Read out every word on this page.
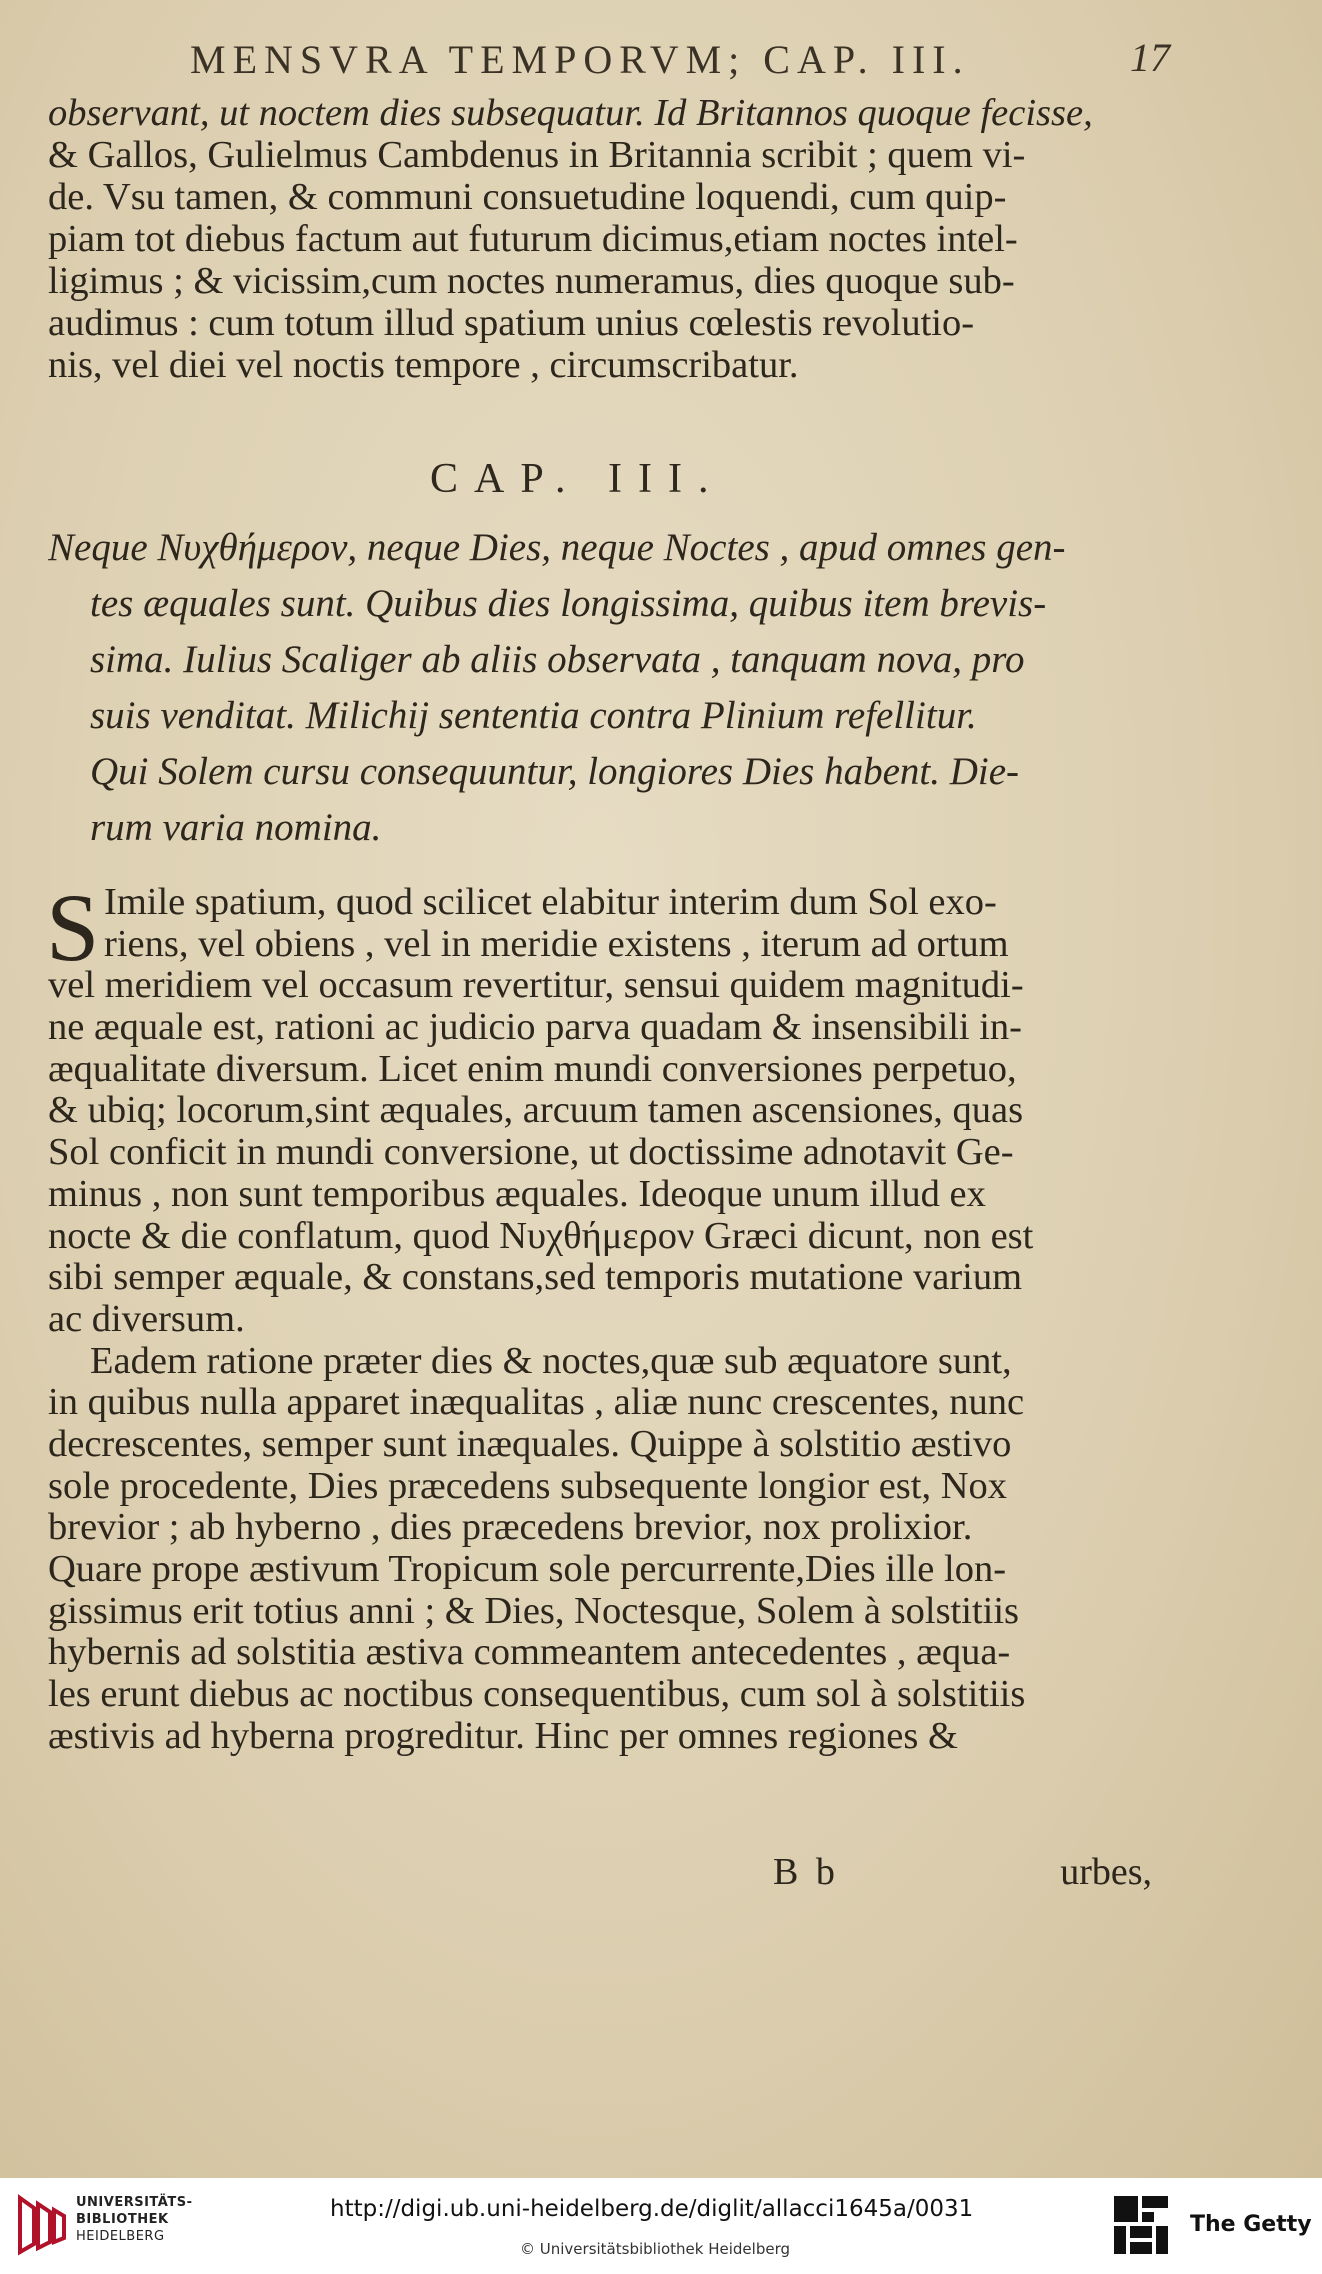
MENSVRA TEMPORVM; CAP. III.	17
observant, ut noctem dies subsequatur. Id Britannos quoque fecisse,
& Gallos, Gulielmus Cambdenus in Britannia scribit ; quem vi-
de. Vsu tamen, & communi consuetudine loquendi, cum quip-
piam tot diebus factum aut futurum dicimus,etiam noctes intel-
ligimus ; & vicissim,cum noctes numeramus, dies quoque sub-
audimus : cum totum illud spatium unius cœlestis revolutio-
nis, vel diei vel noctis tempore , circumscribatur.
CAP. III.
Neque Νυχθήμερον, neque Dies, neque Noctes , apud omnes gen-
tes æquales sunt. Quibus dies longissima, quibus item brevis-
sima. Iulius Scaliger ab aliis observata , tanquam nova, pro
suis venditat. Milichij sententia contra Plinium refellitur.
Qui Solem cursu consequuntur, longiores Dies habent. Die-
rum varia nomina.
S Imile spatium, quod scilicet elabitur interim dum Sol exo-
riens, vel obiens , vel in meridie existens , iterum ad ortum
vel meridiem vel occasum revertitur, sensui quidem magnitudi-
ne æquale est, rationi ac judicio parva quadam & insensibili in-
æqualitate diversum. Licet enim mundi conversiones perpetuo,
& ubiq; locorum,sint æquales, arcuum tamen ascensiones, quas
Sol conficit in mundi conversione, ut doctissime adnotavit Ge-
minus , non sunt temporibus æquales. Ideoque unum illud ex
nocte & die conflatum, quod Νυχθήμερον Græci dicunt, non est
sibi semper æquale, & constans,sed temporis mutatione varium
ac diversum.
Eadem ratione præter dies & noctes,quæ sub æquatore sunt,
in quibus nulla apparet inæqualitas , aliæ nunc crescentes, nunc
decrescentes, semper sunt inæquales. Quippe à solstitio æstivo
sole procedente, Dies præcedens subsequente longior est, Nox
brevior ; ab hyberno , dies præcedens brevior, nox prolixior.
Quare prope æstivum Tropicum sole percurrente,Dies ille lon-
gissimus erit totius anni ; & Dies, Noctesque, Solem à solstitiis
hybernis ad solstitia æstiva commeantem antecedentes , æqua-
les erunt diebus ac noctibus consequentibus, cum sol à solstitiis
æstivis ad hyberna progreditur. Hinc per omnes regiones &
B b	urbes,
UNIVERSITÄTS-
BIBLIOTHEK
HEIDELBERG
http://digi.ub.uni-heidelberg.de/diglit/allacci1645a/0031
© Universitätsbibliothek Heidelberg
The Getty
